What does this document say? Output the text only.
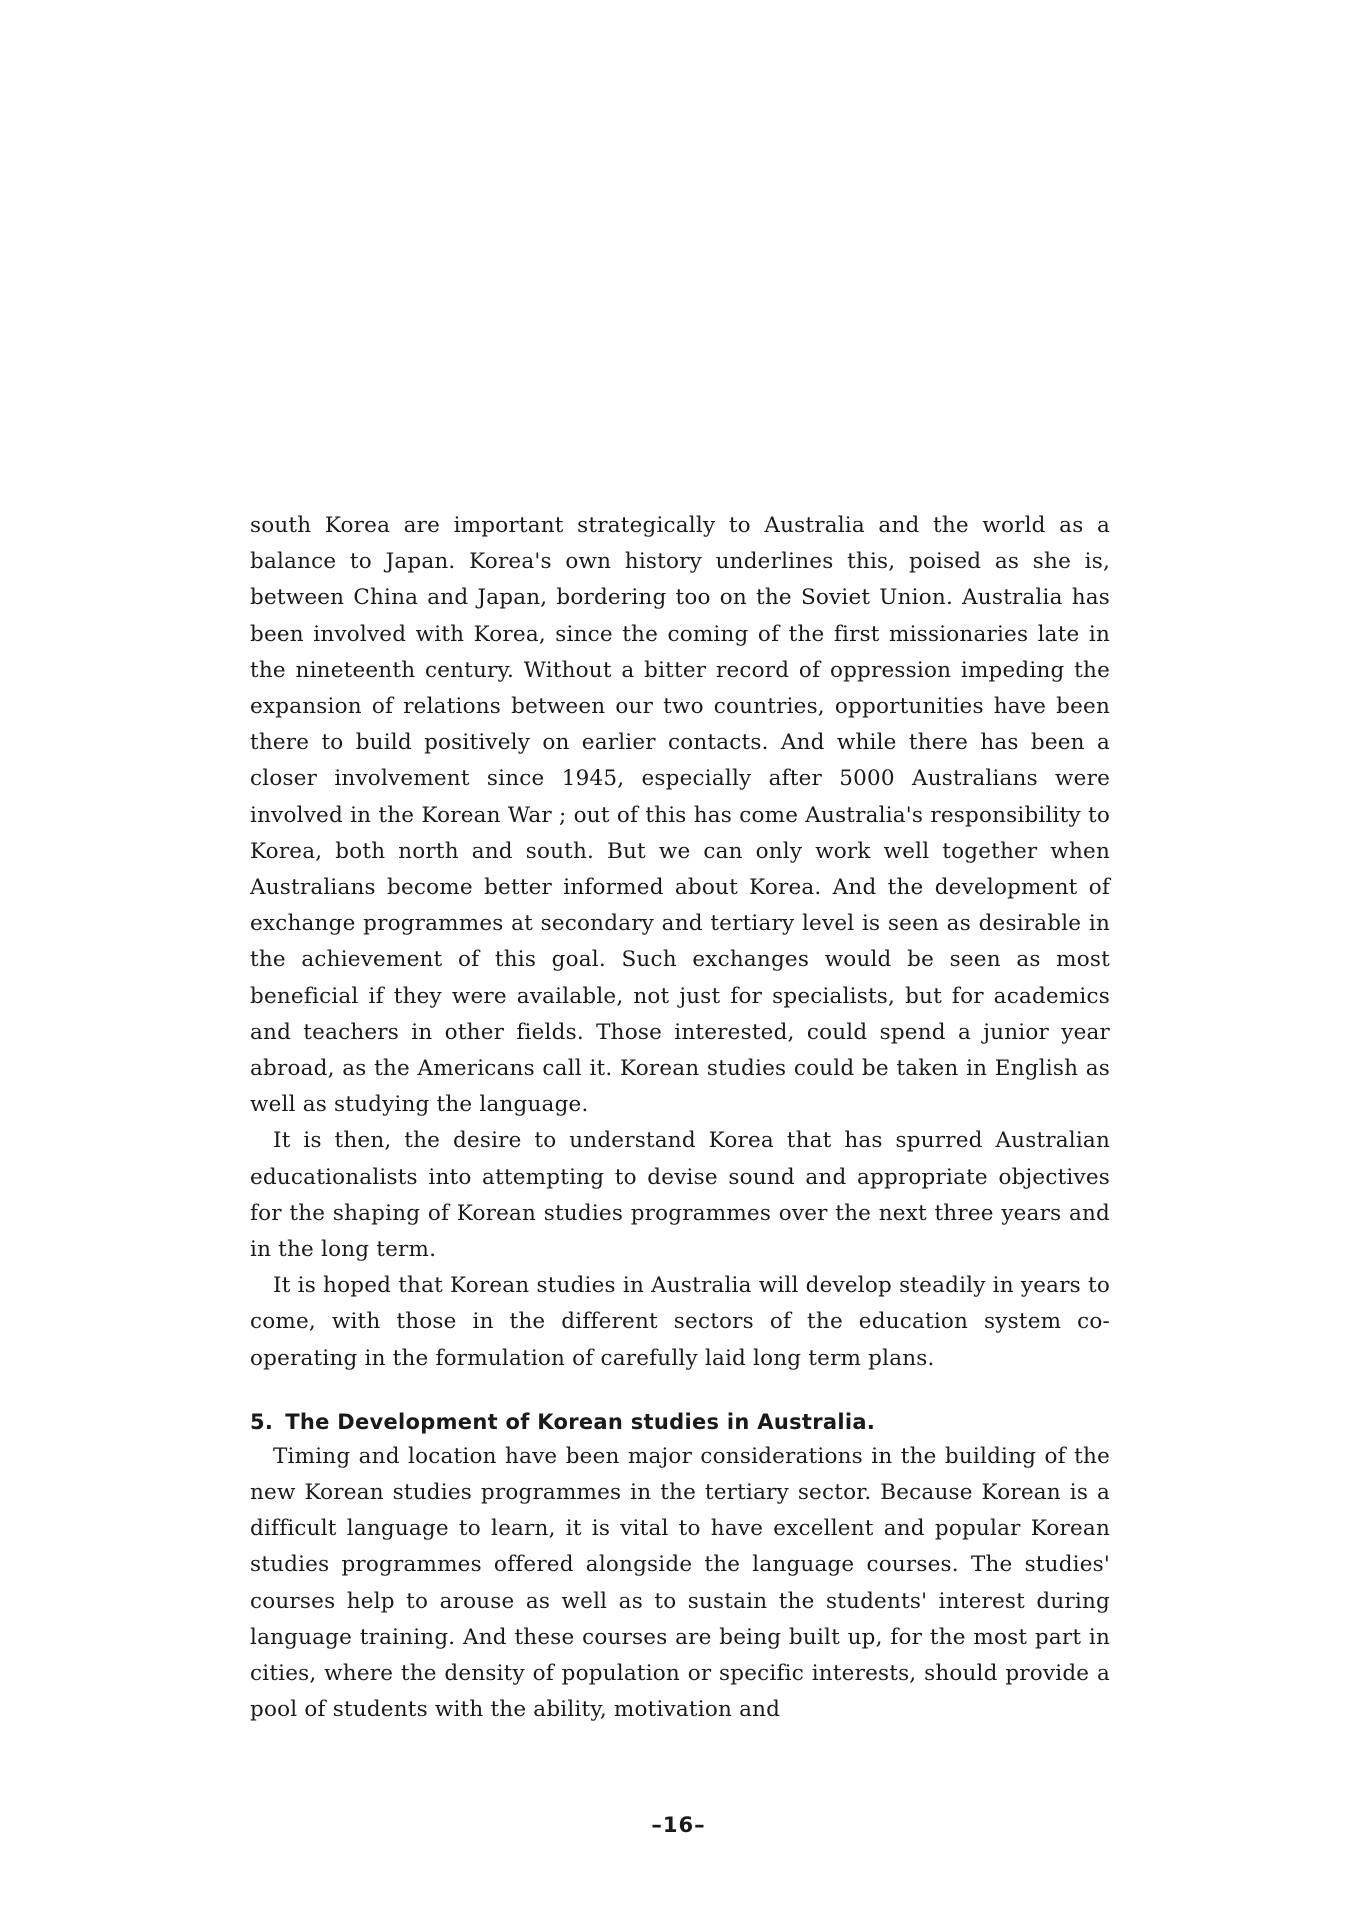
south Korea are important strategically to Australia and the world as a balance to Japan. Korea's own history underlines this, poised as she is, between China and Japan, bordering too on the Soviet Union. Australia has been involved with Korea, since the coming of the first missionaries late in the nineteenth century. Without a bitter record of oppression impeding the expansion of relations between our two countries, opportunities have been there to build positively on earlier contacts. And while there has been a closer involvement since 1945, especially after 5000 Australians were involved in the Korean War ; out of this has come Australia's responsibility to Korea, both north and south. But we can only work well together when Australians become better informed about Korea. And the development of exchange programmes at secondary and tertiary level is seen as desirable in the achievement of this goal. Such exchanges would be seen as most beneficial if they were available, not just for specialists, but for academics and teachers in other fields. Those interested, could spend a junior year abroad, as the Americans call it. Korean studies could be taken in English as well as studying the language.

It is then, the desire to understand Korea that has spurred Australian educationalists into attempting to devise sound and appropriate objectives for the shaping of Korean studies programmes over the next three years and in the long term.

It is hoped that Korean studies in Australia will develop steadily in years to come, with those in the different sectors of the education system co-operating in the formulation of carefully laid long term plans.

5. The Development of Korean studies in Australia.

Timing and location have been major considerations in the building of the new Korean studies programmes in the tertiary sector. Because Korean is a difficult language to learn, it is vital to have excellent and popular Korean studies programmes offered alongside the language courses. The studies' courses help to arouse as well as to sustain the students' interest during language training. And these courses are being built up, for the most part in cities, where the density of population or specific interests, should provide a pool of students with the ability, motivation and

–16–
